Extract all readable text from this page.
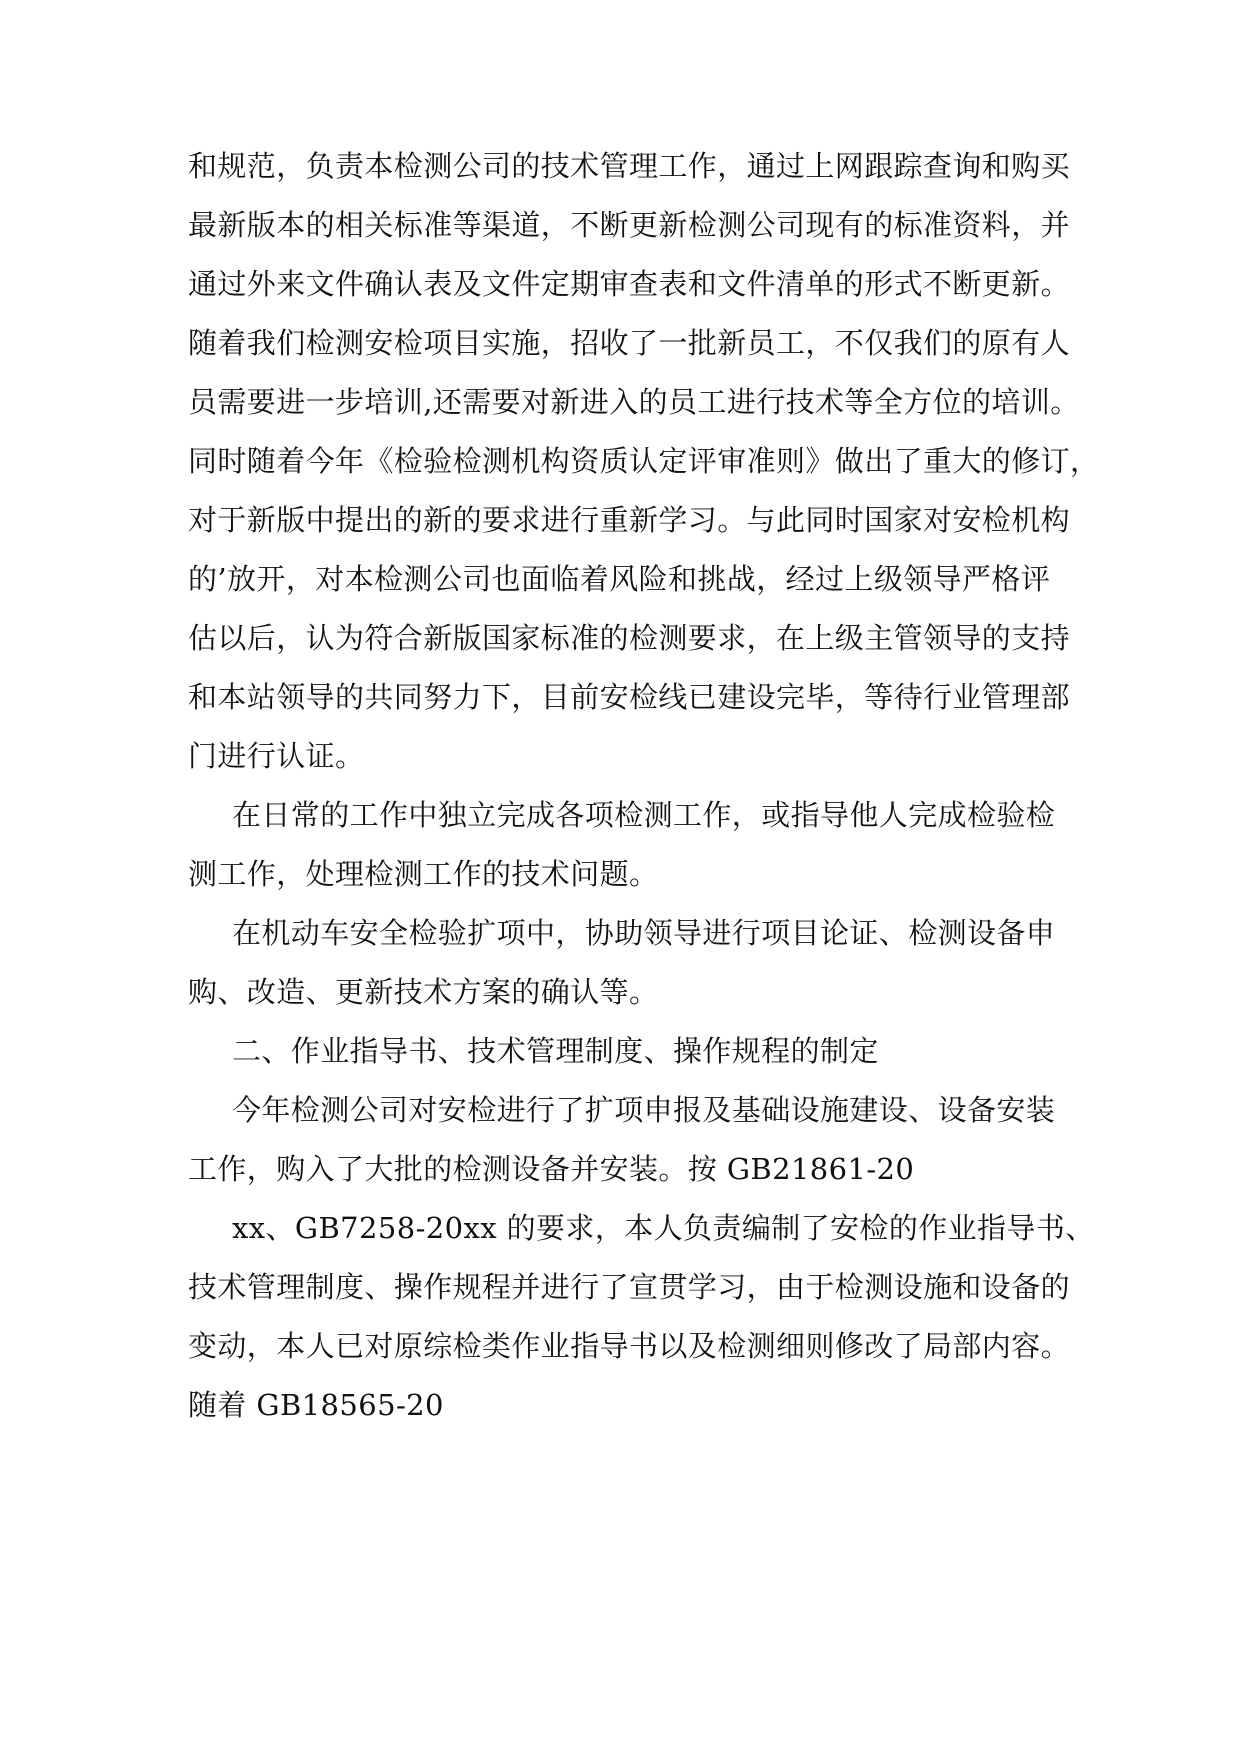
和规范，负责本检测公司的技术管理工作，通过上网跟踪查询和购买
最新版本的相关标准等渠道，不断更新检测公司现有的标准资料，并
通过外来文件确认表及文件定期审查表和文件清单的形式不断更新。
随着我们检测安检项目实施，招收了一批新员工，不仅我们的原有人
员需要进一步培训,还需要对新进入的员工进行技术等全方位的培训。
同时随着今年《检验检测机构资质认定评审准则》做出了重大的修订，
对于新版中提出的新的要求进行重新学习。与此同时国家对安检机构
的’放开，对本检测公司也面临着风险和挑战，经过上级领导严格评
估以后，认为符合新版国家标准的检测要求，在上级主管领导的支持
和本站领导的共同努力下，目前安检线已建设完毕，等待行业管理部
门进行认证。
在日常的工作中独立完成各项检测工作，或指导他人完成检验检
测工作，处理检测工作的技术问题。
在机动车安全检验扩项中，协助领导进行项目论证、检测设备申
购、改造、更新技术方案的确认等。
二、作业指导书、技术管理制度、操作规程的制定
今年检测公司对安检进行了扩项申报及基础设施建设、设备安装
工作，购入了大批的检测设备并安装。按 GB21861-20
xx、GB7258-20xx 的要求，本人负责编制了安检的作业指导书、
技术管理制度、操作规程并进行了宣贯学习，由于检测设施和设备的
变动，本人已对原综检类作业指导书以及检测细则修改了局部内容。
随着 GB18565-20
